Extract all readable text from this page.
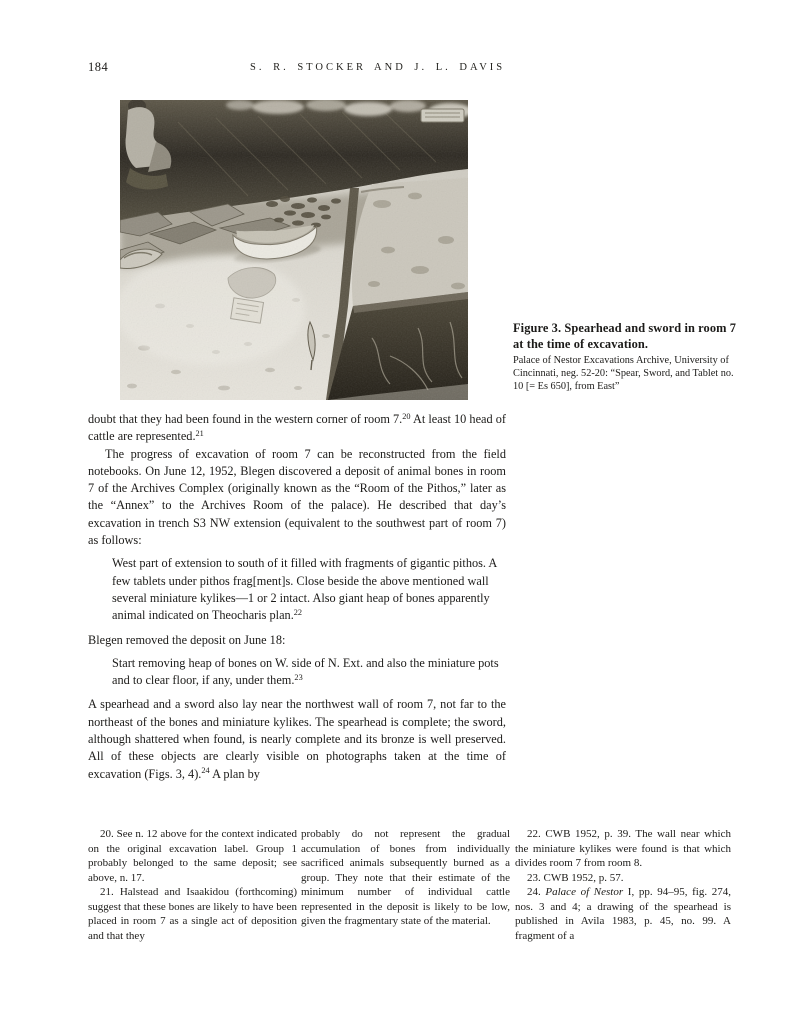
184	S. R. STOCKER AND J. L. DAVIS
Figure 3. Spearhead and sword in room 7 at the time of excavation.
Palace of Nestor Excavations Archive, University of Cincinnati, neg. 52-20: “Spear, Sword, and Tablet no. 10 [= Es 650], from East”

doubt that they had been found in the western corner of room 7.20 At least 10 head of cattle are represented.$^{21}$

The progress of excavation of room 7 can be reconstructed from the field notebooks. On June 12, 1952, Blegen discovered a deposit of animal bones in room 7 of the Archives Complex (originally known as the “Room of the Pithos,” later as the “Annex” to the Archives Room of the palace). He described that day’s excavation in trench S3 NW extension (equivalent to the southwest part of room 7) as follows:

West part of extension to south of it filled with fragments of gigantic pithos. A few tablets under pithos frag[ment]s. Close beside the above mentioned wall several miniature kylikes—1 or 2 intact. Also giant heap of bones apparently animal indicated on Theocharis plan.$^{22}$

Blegen removed the deposit on June 18:

Start removing heap of bones on W. side of N. Ext. and also the miniature pots and to clear floor, if any, under them.$^{23}$

A spearhead and a sword also lay near the northwest wall of room 7, not far to the northeast of the bones and miniature kylikes. The spearhead is complete; the sword, although shattered when found, is nearly complete and its bronze is well preserved. All of these objects are clearly visible on photographs taken at the time of excavation (Figs. 3, 4).$^{24}$ A plan by

20. See n. 12 above for the context indicated on the original excavation label. Group 1 probably belonged to the same deposit; see above, n. 17.

21. Halstead and Isaakidou (forthcoming) suggest that these bones are likely to have been placed in room 7 as a single act of deposition and that they

probably do not represent the gradual accumulation of bones from individually sacrificed animals subsequently burned as a group. They note that their estimate of the minimum number of individual cattle represented in the deposit is likely to be low, given the fragmentary state of the material.

22. CWB 1952, p. 39. The wall near which the miniature kylikes were found is that which divides room 7 from room 8.

23. CWB 1952, p. 57.

24. Palace of Nestor I, pp. 94–95, fig. 274, nos. 3 and 4; a drawing of the spearhead is published in Avila 1983, p. 45, no. 99. A fragment of a
